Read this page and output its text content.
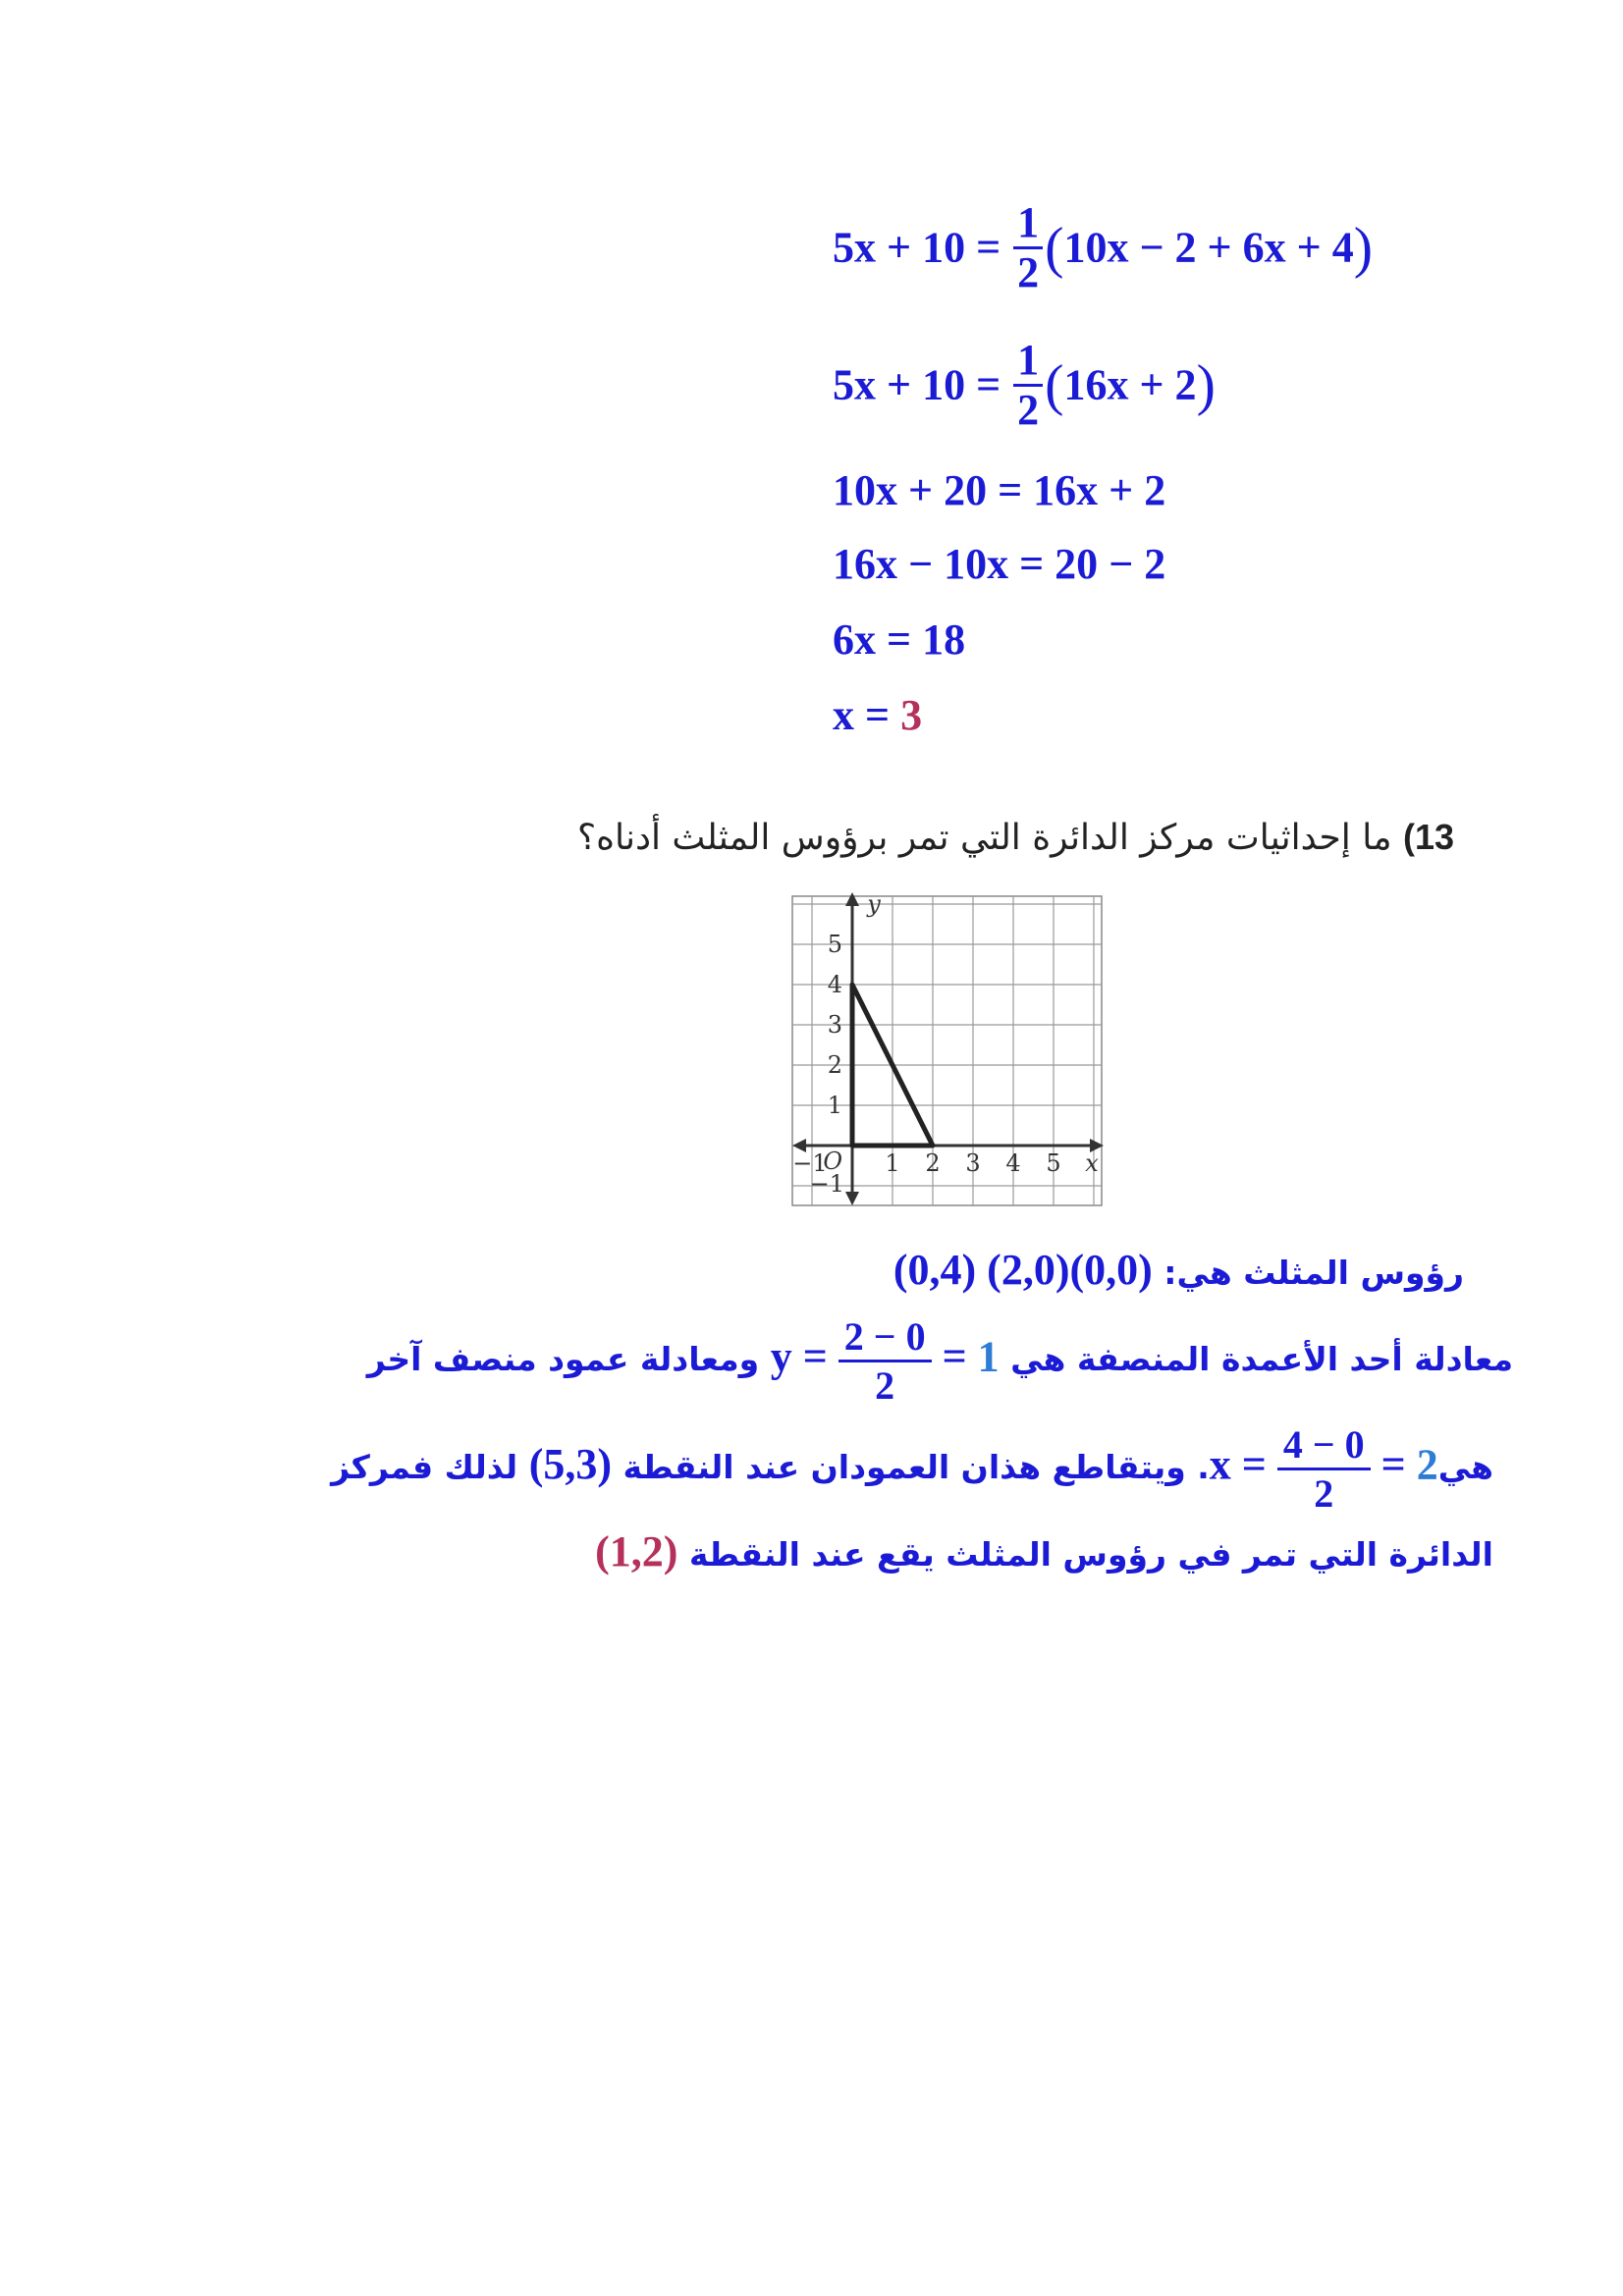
$5x + 10 = \frac{1}{2} (10x - 2 + 6x + 4)$
$5x + 10 = \frac{1}{2} (16x + 2)$
10x + 20 = 16x + 2
16x − 10x = 20 − 2
6x = 18
x = 3
13) ما إحداثيات مركز الدائرة التي تمر برؤوس المثلث أدناه؟
−1 1 2 3 4 5
−1
1
2
3
4
5
O	x
y
رؤوس المثلث هي: (0,4) (2,0)(0,0)
معادلة أحد الأعمدة المنصفة هي $y = \frac{2 - 0}{2} = 1$ ومعادلة عمود منصف آخر
هيx = $\frac{4 - 0}{2} = 2$. ويتقاطع هذان العمودان عند النقطة (5,3) لذلك فمركز
الدائرة التي تمر في رؤوس المثلث يقع عند النقطة (1,2)
